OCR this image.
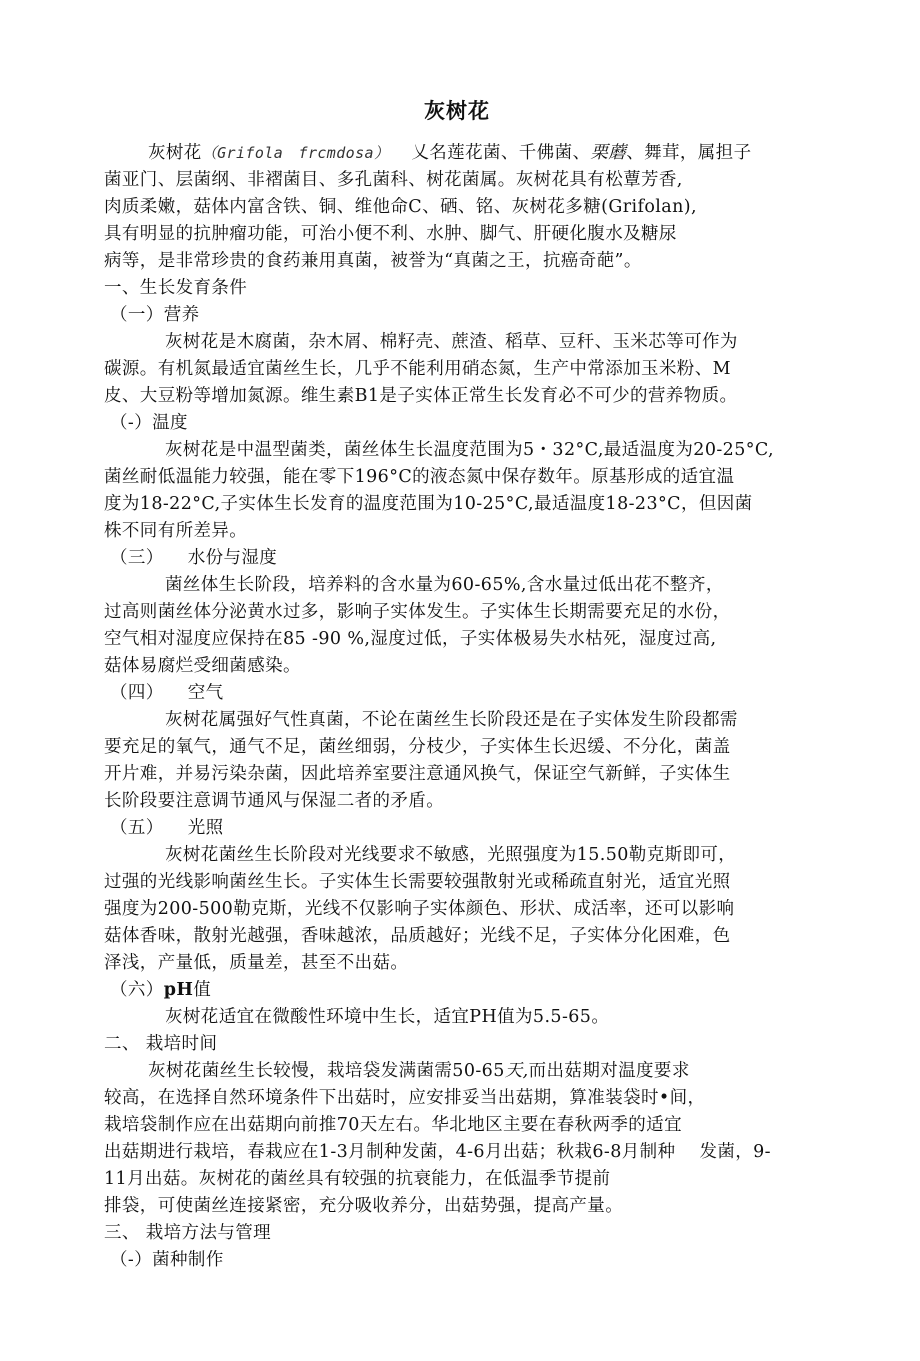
灰树花
灰树花（Grifola　frcmdosa） 乂名莲花菌、千佛菌、栗蘑、舞茸，属担子
菌亚门、层菌纲、非褶菌目、多孔菌科、树花菌属。灰树花具有松蕈芳香,
肉质柔嫩，菇体内富含铁、铜、维他命C、硒、铭、灰树花多糖(Grifolan),
具有明显的抗肿瘤功能，可治小便不利、水肿、脚气、肝硬化腹水及糖尿
病等，是非常珍贵的食药兼用真菌，被誉为“真菌之王，抗癌奇葩”。
一、生长发育条件
（一）营养
灰树花是木腐菌，杂木屑、棉籽壳、蔗渣、稻草、豆秆、玉米芯等可作为
碳源。有机氮最适宜菌丝生长，几乎不能利用硝态氮，生产中常添加玉米粉、M
皮、大豆粉等增加氮源。维生素B1是子实体正常生长发育必不可少的营养物质。
（-）温度
灰树花是中温型菌类，菌丝体生长温度范围为5・32°C,最适温度为20-25°C,
菌丝耐低温能力较强，能在零下196°C的液态氮中保存数年。原基形成的适宜温
度为18-22°C,子实体生长发育的温度范围为10-25°C,最适温度18-23°C，但因菌
株不同有所差异。
（三） 水份与湿度
菌丝体生长阶段，培养料的含水量为60-65%,含水量过低出花不整齐，
过高则菌丝体分泌黄水过多，影响子实体发生。子实体生长期需要充足的水份，
空气相对湿度应保持在85 -90 %,湿度过低，子实体极易失水枯死，湿度过高,
菇体易腐烂受细菌感染。
（四） 空气
灰树花属强好气性真菌，不论在菌丝生长阶段还是在子实体发生阶段都需
要充足的氧气，通气不足，菌丝细弱，分枝少，子实体生长迟缓、不分化，菌盖
开片难，并易污染杂菌，因此培养室要注意通风换气，保证空气新鲜，子实体生
长阶段要注意调节通风与保湿二者的矛盾。
（五） 光照
灰树花菌丝生长阶段对光线要求不敏感，光照强度为15.50勒克斯即可，
过强的光线影响菌丝生长。子实体生长需要较强散射光或稀疏直射光，适宜光照
强度为200-500勒克斯，光线不仅影响子实体颜色、形状、成活率，还可以影响
菇体香味，散射光越强，香味越浓，品质越好；光线不足，子实体分化困难，色
泽浅，产量低，质量差，甚至不出菇。
（六）pH值
灰树花适宜在微酸性环境中生长，适宜PH值为5.5-65。
二、 栽培时间
灰树花菌丝生长较慢，栽培袋发满菌需50-65天,而出菇期对温度要求
较高，在选择自然环境条件下出菇时，应安排妥当出菇期，算准装袋时•间，
栽培袋制作应在出菇期向前推70天左右。华北地区主要在春秋两季的适宜
出菇期进行栽培，春栽应在1-3月制种发菌，4-6月出菇；秋栽6-8月制种 发菌，9-
11月出菇。灰树花的菌丝具有较强的抗衰能力，在低温季节提前
排袋，可使菌丝连接紧密，充分吸收养分，出菇势强，提高产量。
三、 栽培方法与管理
（-）菌种制作
